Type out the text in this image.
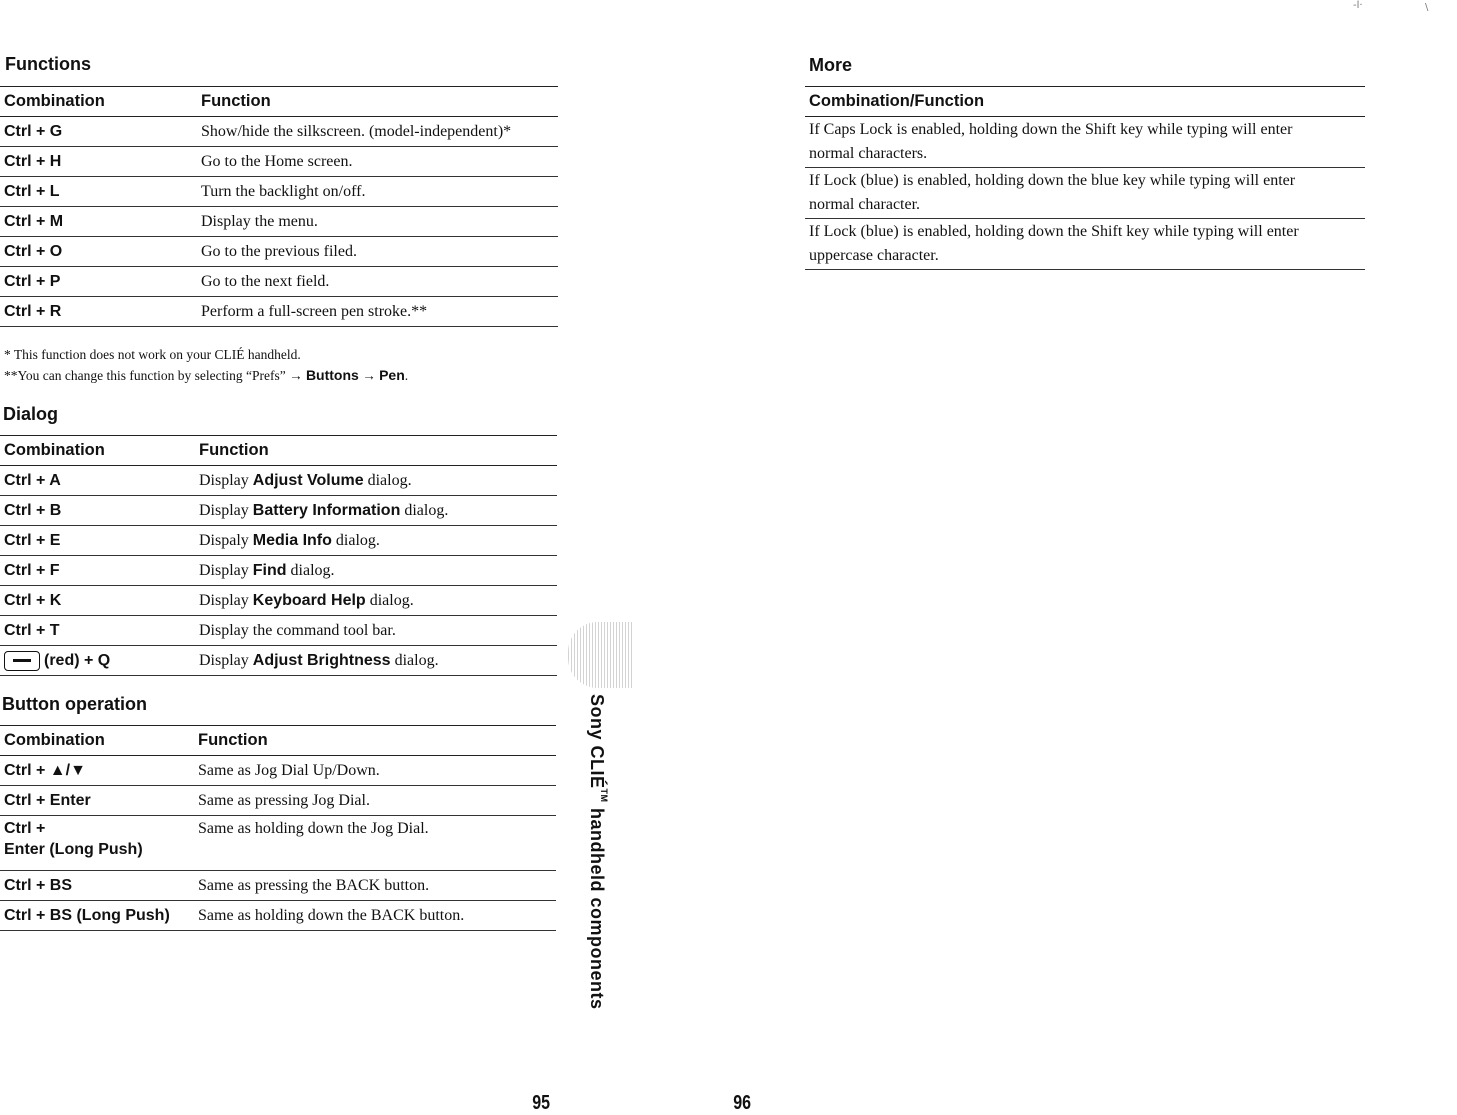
Functions
Combination	Function
Ctrl + G	Show/hide the silkscreen. (model-independent)*
Ctrl + H	Go to the Home screen.
Ctrl + L	Turn the backlight on/off.
Ctrl + M	Display the menu.
Ctrl + O	Go to the previous filed.
Ctrl + P	Go to the next field.
Ctrl + R	Perform a full-screen pen stroke.**
* This function does not work on your CLIÉ handheld.
**You can change this function by selecting “Prefs” → Buttons → Pen.
Dialog
Combination	Function
Ctrl + A	Display Adjust Volume dialog.
Ctrl + B	Display Battery Information dialog.
Ctrl + E	Dispaly Media Info dialog.
Ctrl + F	Display Find dialog.
Ctrl + K	Display Keyboard Help dialog.
Ctrl + T	Display the command tool bar.
(red) + Q	Display Adjust Brightness dialog.
Button operation
Combination	Function
Ctrl + ▲/▼	Same as Jog Dial Up/Down.
Ctrl + Enter	Same as pressing Jog Dial.

Ctrl +
Enter (Long Push)	Same as holding down the Jog Dial.
Ctrl + BS	Same as pressing the BACK button.
Ctrl + BS (Long Push)	Same as holding down the BACK button.
Sony CLIÉ™ handheld components
More
Combination/Function

If Caps Lock is enabled, holding down the Shift key while typing will enter
normal characters.

If Lock (blue) is enabled, holding down the blue key while typing will enter
normal character.

If Lock (blue) is enabled, holding down the Shift key while typing will enter
uppercase character.
95	96
-l·	\
